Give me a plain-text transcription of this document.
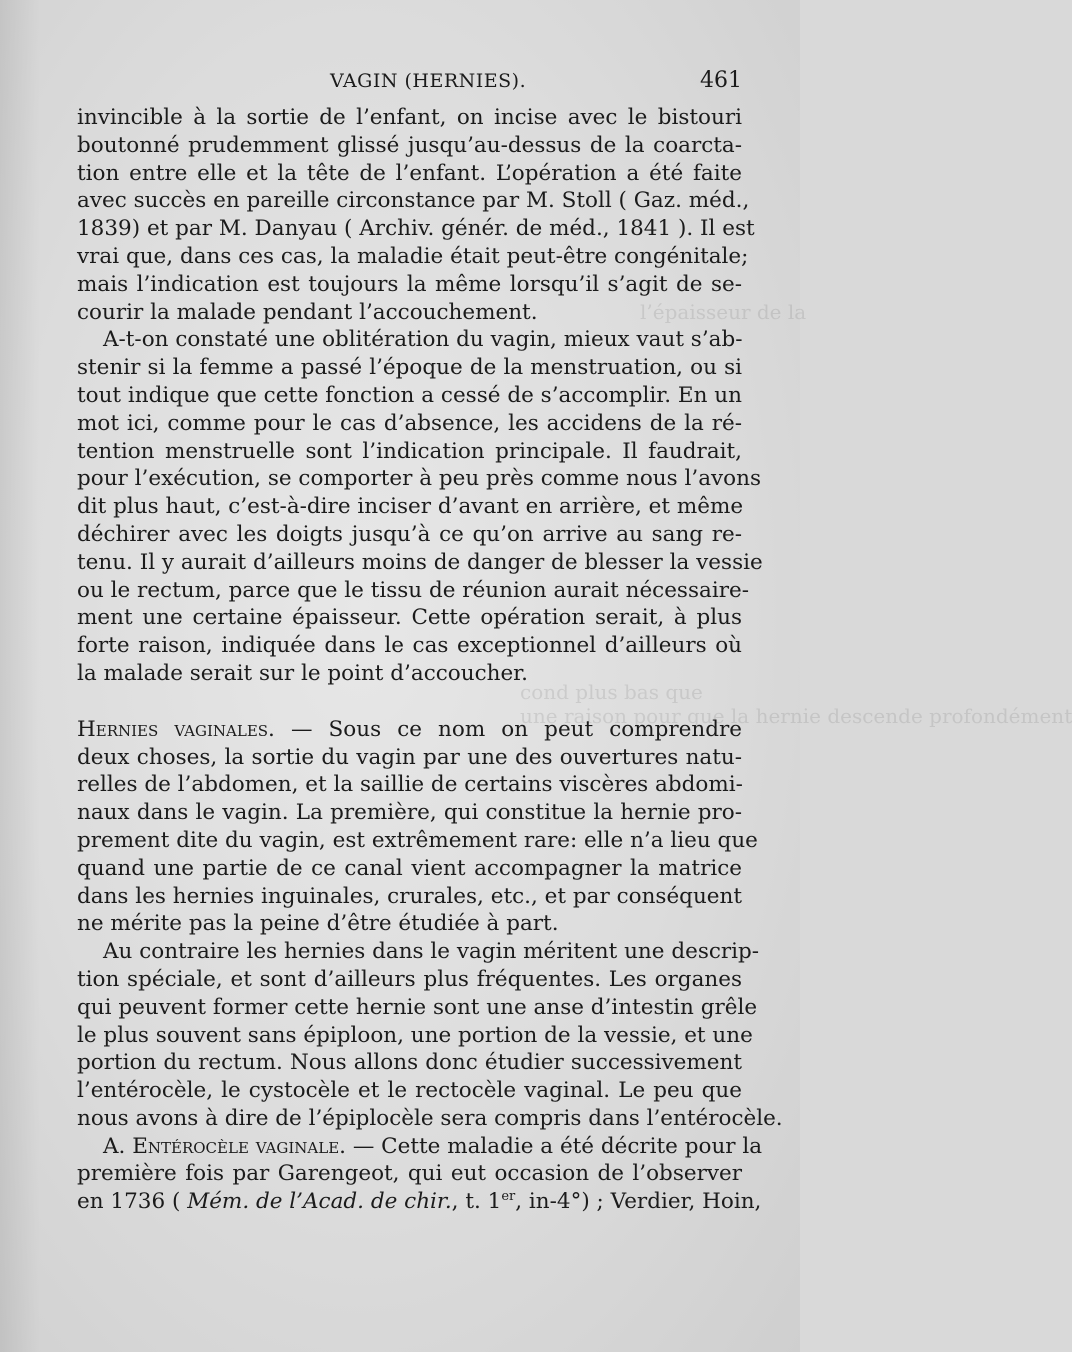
l’épaisseur de la
cond plus bas que
une raison pour que la hernie descende profondément
VAGIN (HERNIES).	461
invincible à la sortie de l’enfant, on incise avec le bistouri
boutonné prudemment glissé jusqu’au-dessus de la coarcta-
tion entre elle et la tête de l’enfant. L’opération a été faite
avec succès en pareille circonstance par M. Stoll ( Gaz. méd.,
1839) et par M. Danyau ( Archiv. génér. de méd., 1841 ). Il est
vrai que, dans ces cas, la maladie était peut-être congénitale;
mais l’indication est toujours la même lorsqu’il s’agit de se-
courir la malade pendant l’accouchement.
A-t-on constaté une oblitération du vagin, mieux vaut s’ab-
stenir si la femme a passé l’époque de la menstruation, ou si
tout indique que cette fonction a cessé de s’accomplir. En un
mot ici, comme pour le cas d’absence, les accidens de la ré-
tention menstruelle sont l’indication principale. Il faudrait,
pour l’exécution, se comporter à peu près comme nous l’avons
dit plus haut, c’est-à-dire inciser d’avant en arrière, et même
déchirer avec les doigts jusqu’à ce qu’on arrive au sang re-
tenu. Il y aurait d’ailleurs moins de danger de blesser la vessie
ou le rectum, parce que le tissu de réunion aurait nécessaire-
ment une certaine épaisseur. Cette opération serait, à plus
forte raison, indiquée dans le cas exceptionnel d’ailleurs où
la malade serait sur le point d’accoucher.
Hernies vaginales. — Sous ce nom on peut comprendre
deux choses, la sortie du vagin par une des ouvertures natu-
relles de l’abdomen, et la saillie de certains viscères abdomi-
naux dans le vagin. La première, qui constitue la hernie pro-
prement dite du vagin, est extrêmement rare: elle n’a lieu que
quand une partie de ce canal vient accompagner la matrice
dans les hernies inguinales, crurales, etc., et par conséquent
ne mérite pas la peine d’être étudiée à part.
Au contraire les hernies dans le vagin méritent une descrip-
tion spéciale, et sont d’ailleurs plus fréquentes. Les organes
qui peuvent former cette hernie sont une anse d’intestin grêle
le plus souvent sans épiploon, une portion de la vessie, et une
portion du rectum. Nous allons donc étudier successivement
l’entérocèle, le cystocèle et le rectocèle vaginal. Le peu que
nous avons à dire de l’épiplocèle sera compris dans l’entérocèle.
A. Entérocèle vaginale. — Cette maladie a été décrite pour la
première fois par Garengeot, qui eut occasion de l’observer
en 1736 ( Mém. de l’Acad. de chir., t. 1er, in-4°) ; Verdier, Hoin,
